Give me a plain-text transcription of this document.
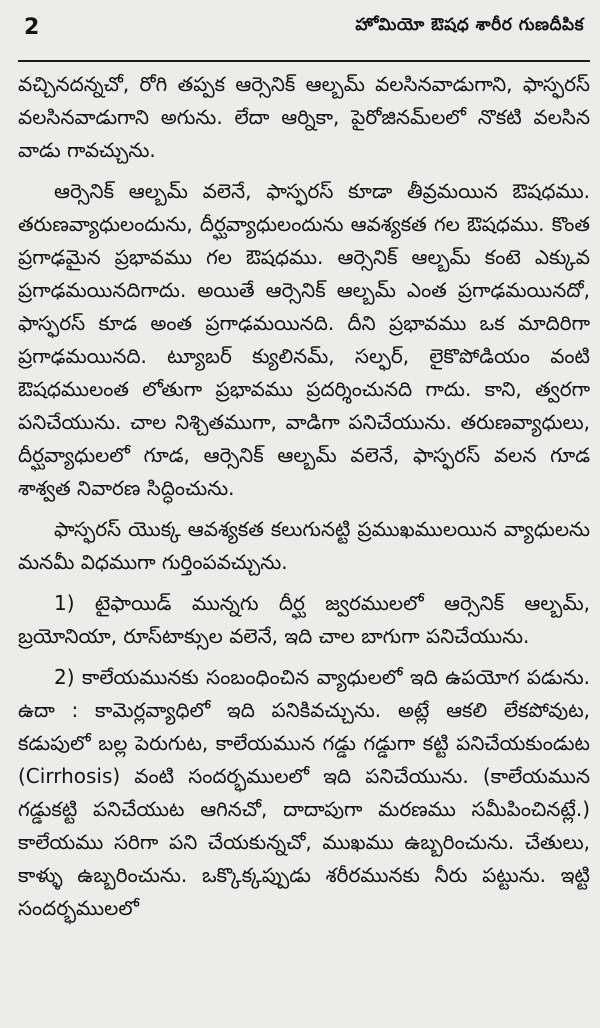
2	హోమియో ఔషధ శారీర గుణదీపిక

వచ్చినదన్నచో, రోగి తప్పక ఆర్సెనిక్ ఆల్బమ్ వలసినవాడుగాని, ఫాస్ఫరస్ వలసినవాడుగాని అగును. లేదా ఆర్నికా, పైరోజినమ్‌లలో నొకటి వలసిన వాడు గావచ్చును.

ఆర్సెనిక్ ఆల్బమ్ వలెనే, ఫాస్ఫరస్ కూడా తీవ్రమయిన ఔషధము. తరుణవ్యాధులందును, దీర్ఘవ్యాధులందును ఆవశ్యకత గల ఔషధము. కొంత ప్రగాఢమైన ప్రభావము గల ఔషధము. ఆర్సెనిక్ ఆల్బమ్ కంటె ఎక్కువ ప్రగాఢమయినదిగాదు. అయితే ఆర్సెనిక్ ఆల్బమ్ ఎంత ప్రగాఢమయినదో, ఫాస్ఫరస్ కూడ అంత ప్రగాఢమయినది. దీని ప్రభావము ఒక మాదిరిగా ప్రగాఢమయినది. ట్యూబర్ క్యులినమ్, సల్ఫర్, లైకొపోడియం వంటి ఔషధములంత లోతుగా ప్రభావము ప్రదర్శించునది గాదు. కాని, త్వరగా పనిచేయును. చాల నిశ్చితముగా, వాడిగా పనిచేయును. తరుణవ్యాధులు, దీర్ఘవ్యాధులలో గూడ, ఆర్సెనిక్ ఆల్బమ్ వలెనే, ఫాస్ఫరస్ వలన గూడ శాశ్వత నివారణ సిద్ధించును.

ఫాస్ఫరస్ యొక్క ఆవశ్యకత కలుగునట్టి ప్రముఖములయిన వ్యాధులను మనమీ విధముగా గుర్తింపవచ్చును.

1) టైఫాయిడ్ మున్నగు దీర్ఘ జ్వరములలో ఆర్సెనిక్ ఆల్బమ్, బ్రయోనియా, రూస్‌టాక్సుల వలెనే, ఇది చాల బాగుగా పనిచేయును.

2) కాలేయమునకు సంబంధించిన వ్యాధులలో ఇది ఉపయోగ పడును. ఉదా : కామెర్లవ్యాధిలో ఇది పనికివచ్చును. అట్లే ఆకలి లేకపోవుట, కడుపులో బల్ల పెరుగుట, కాలేయమున గడ్డు గడ్డుగా కట్టి పనిచేయకుండుట (Cirrhosis) వంటి సందర్భములలో ఇది పనిచేయును. (కాలేయమున గడ్డుకట్టి పనిచేయుట ఆగినచో, దాదాపుగా మరణము సమీపించినట్లే.) కాలేయము సరిగా పని చేయకున్నచో, ముఖము ఉబ్బరించును. చేతులు, కాళ్ళు ఉబ్బరించును. ఒక్కొక్కప్పుడు శరీరమునకు నీరు పట్టును. ఇట్టి సందర్భములలో
